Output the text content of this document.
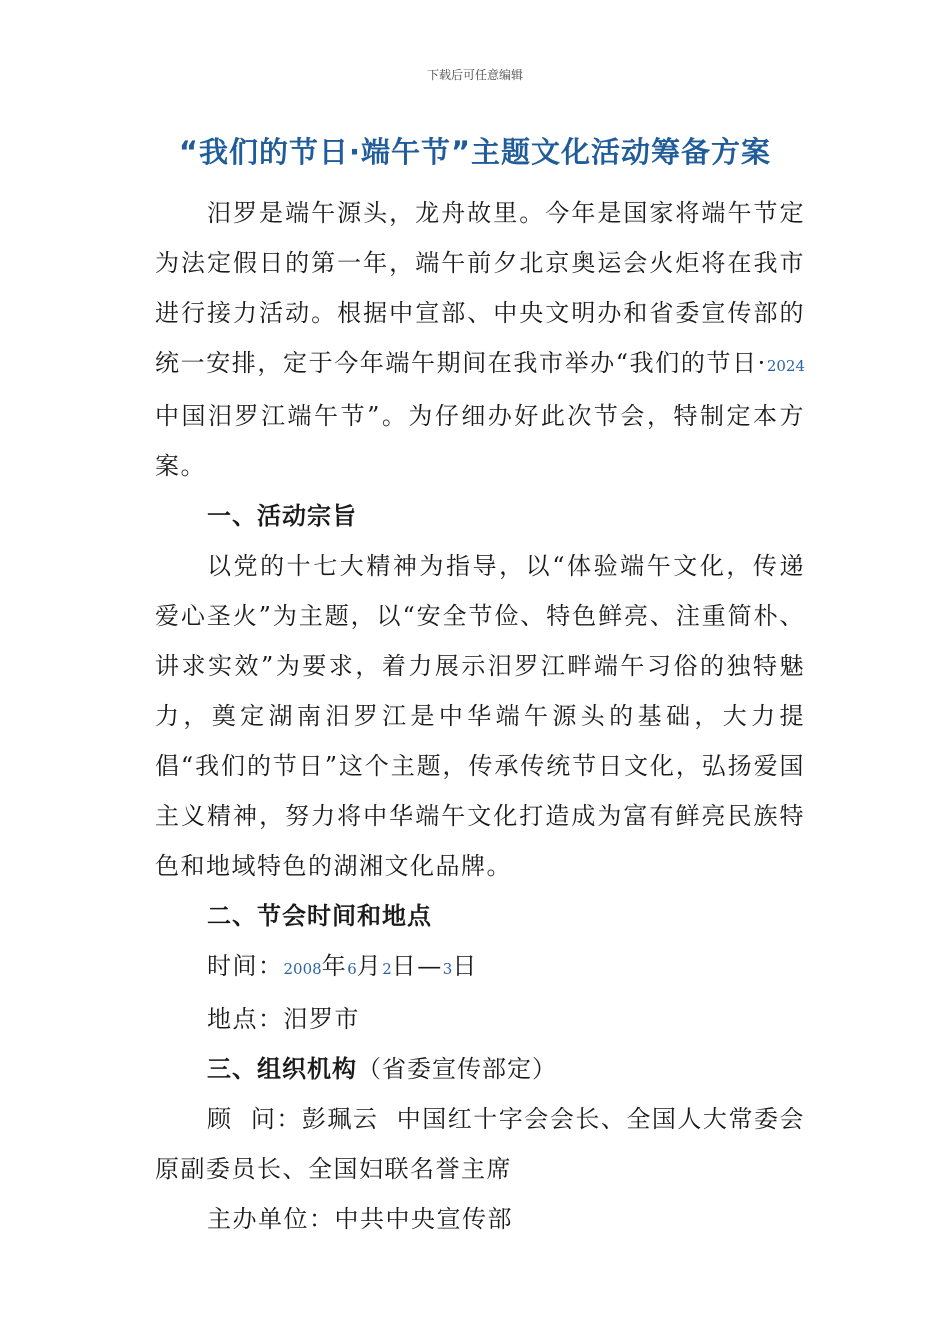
下载后可任意编辑
“我们的节日·端午节”主题文化活动筹备方案

汨罗是端午源头，龙舟故里。今年是国家将端午节定为法定假日的第一年，端午前夕北京奥运会火炬将在我市进行接力活动。根据中宣部、中央文明办和省委宣传部的统一安排，定于今年端午期间在我市举办“我们的节日·2024中国汨罗江端午节”。为仔细办好此次节会，特制定本方案。

一、活动宗旨

以党的十七大精神为指导，以“体验端午文化，传递爱心圣火”为主题，以“安全节俭、特色鲜亮、注重简朴、讲求实效”为要求，着力展示汨罗江畔端午习俗的独特魅力，奠定湖南汨罗江是中华端午源头的基础，大力提倡“我们的节日”这个主题，传承传统节日文化，弘扬爱国主义精神，努力将中华端午文化打造成为富有鲜亮民族特色和地域特色的湖湘文化品牌。

二、节会时间和地点

时间：2008年6月2日—3日

地点：汨罗市

三、组织机构（省委宣传部定）

顾  问：彭珮云  中国红十字会会长、全国人大常委会原副委员长、全国妇联名誉主席

主办单位：中共中央宣传部
